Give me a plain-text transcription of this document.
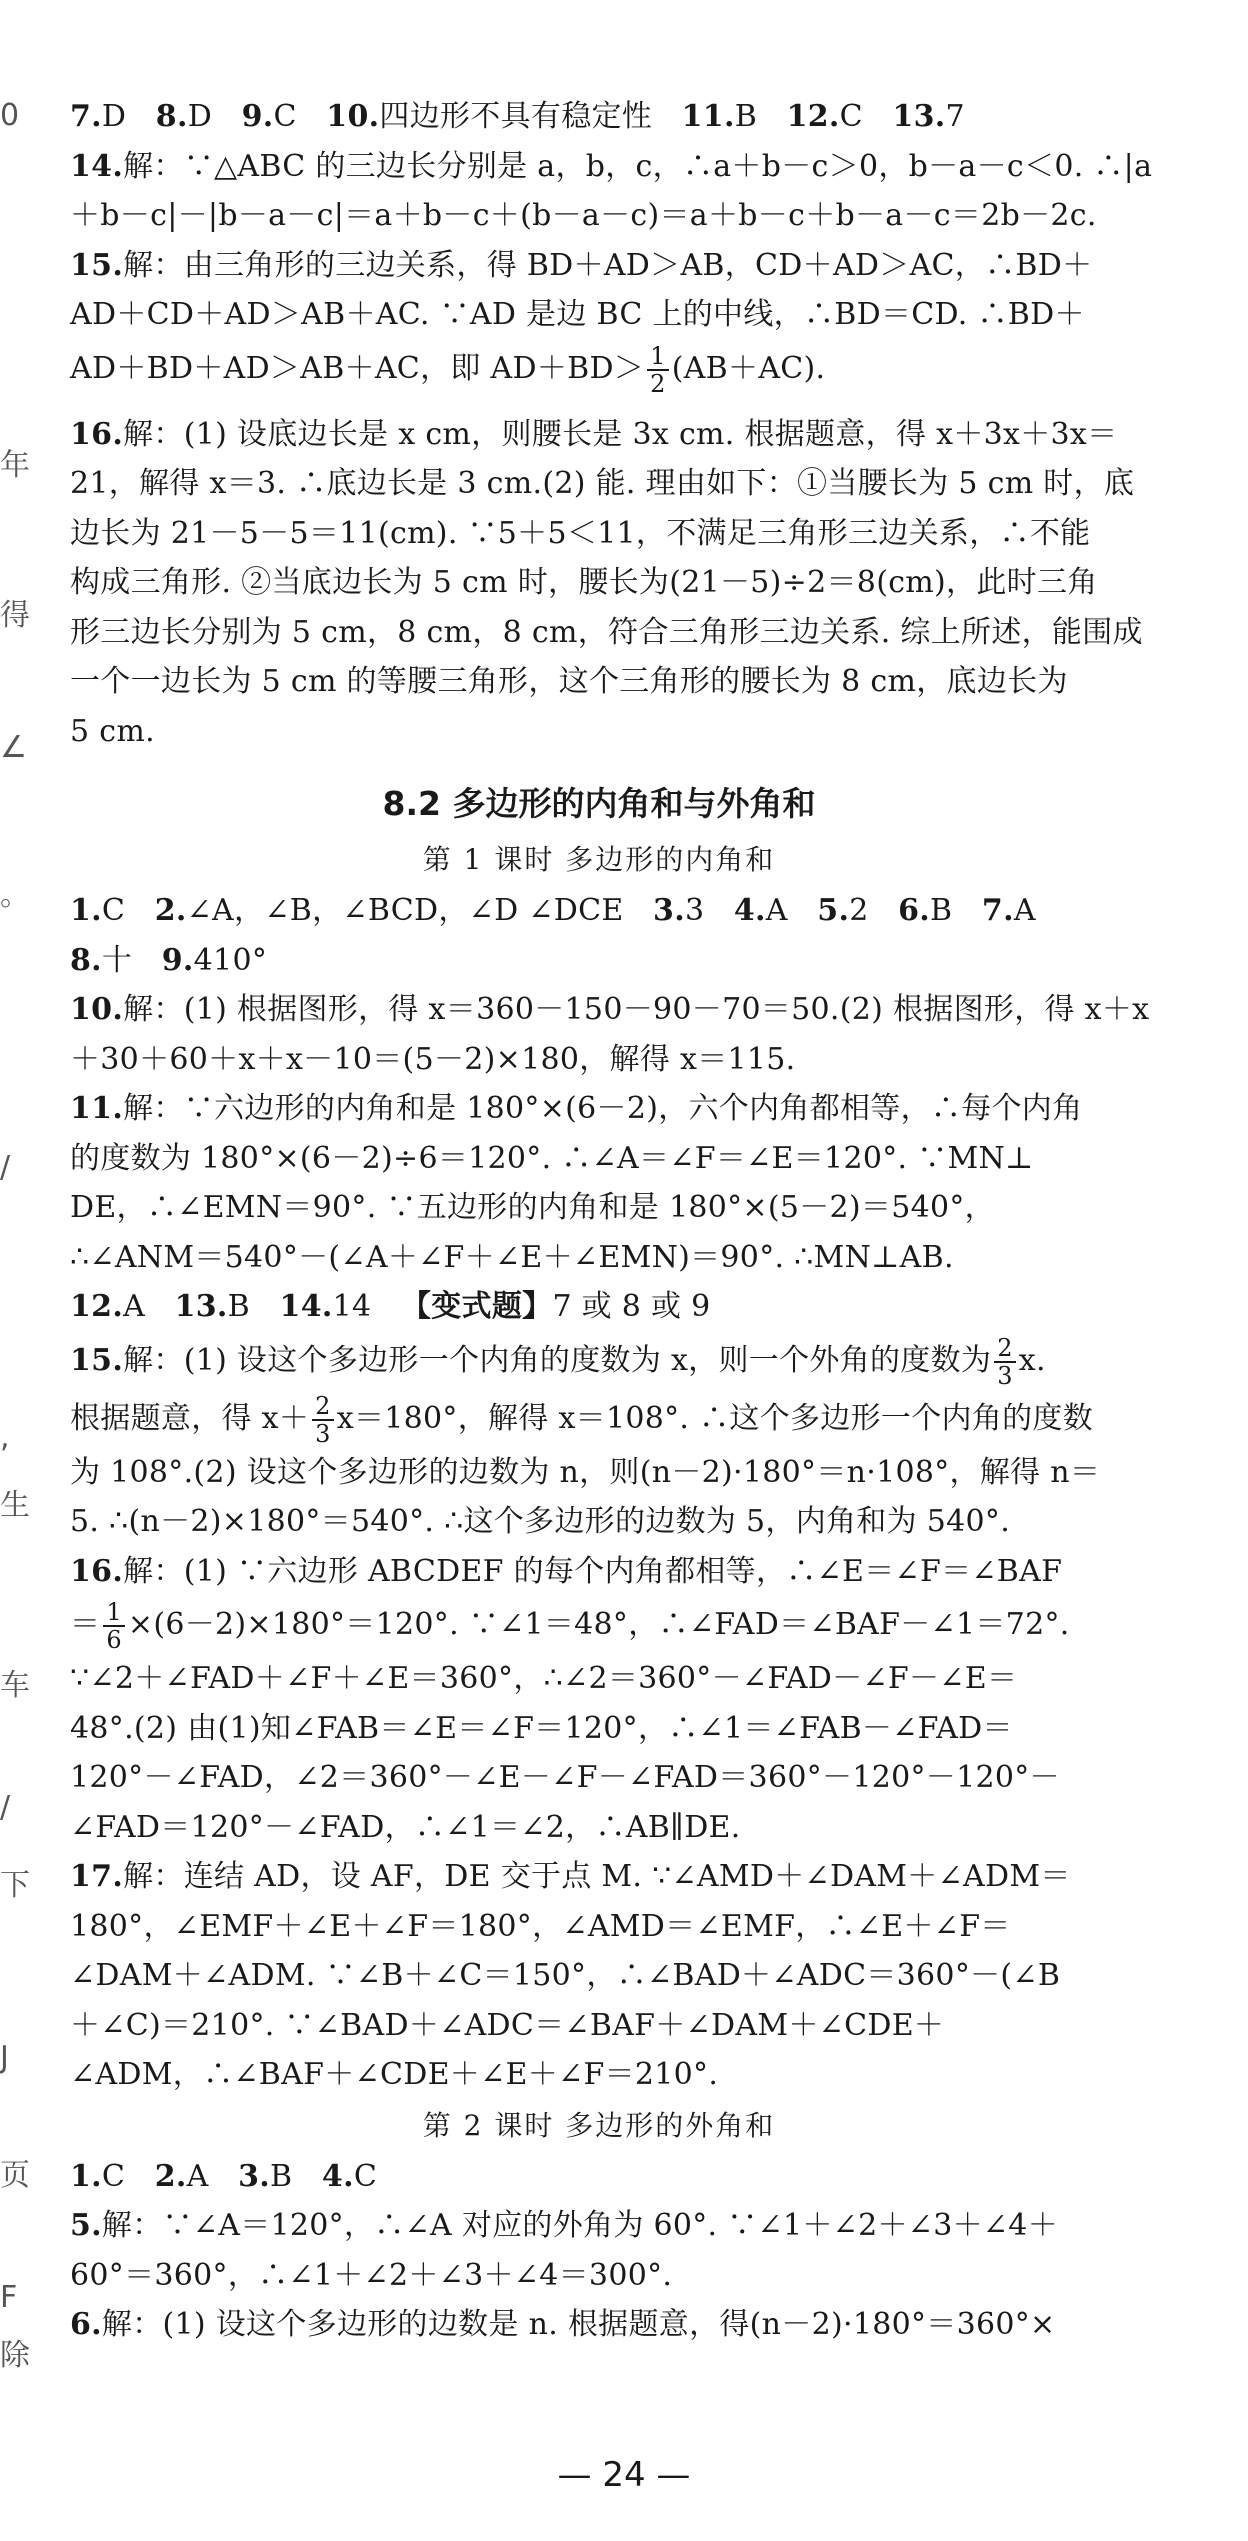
0
年
得
∠
。
/
,
生
车
/
下
J
页
F
除
7.D 8.D 9.C 10.四边形不具有稳定性 11.B 12.C 13.7
14.解：∵△ABC 的三边长分别是 a，b，c，∴a＋b－c＞0，b－a－c＜0. ∴|a
＋b－c|－|b－a－c|＝a＋b－c＋(b－a－c)＝a＋b－c＋b－a－c＝2b－2c.
15.解：由三角形的三边关系，得 BD＋AD＞AB，CD＋AD＞AC，∴BD＋
AD＋CD＋AD＞AB＋AC. ∵AD 是边 BC 上的中线，∴BD＝CD. ∴BD＋
AD＋BD＋AD＞AB＋AC，即 $AD+BD> \frac{1}{2} (AB+AC)$.
16.解：(1) 设底边长是 x cm，则腰长是 3x cm. 根据题意，得 x＋3x＋3x＝
21，解得 x＝3. ∴底边长是 3 cm.(2) 能. 理由如下：①当腰长为 5 cm 时，底
边长为 21－5－5＝11(cm). ∵5＋5＜11，不满足三角形三边关系，∴不能
构成三角形. ②当底边长为 5 cm 时，腰长为(21－5)÷2＝8(cm)，此时三角
形三边长分别为 5 cm，8 cm，8 cm，符合三角形三边关系. 综上所述，能围成
一个一边长为 5 cm 的等腰三角形，这个三角形的腰长为 8 cm，底边长为
5 cm.
8.2 多边形的内角和与外角和
第 1 课时 多边形的内角和
1.C 2.∠A，∠B，∠BCD，∠D ∠DCE 3.3 4.A 5.2 6.B 7.A
8.十 9.410°
10.解：(1) 根据图形，得 x＝360－150－90－70＝50.(2) 根据图形，得 x＋x
＋30＋60＋x＋x－10＝(5－2)×180，解得 x＝115.
11.解：∵六边形的内角和是 180°×(6－2)，六个内角都相等，∴每个内角
的度数为 180°×(6－2)÷6＝120°. ∴∠A＝∠F＝∠E＝120°. ∵MN⊥
DE，∴∠EMN＝90°. ∵五边形的内角和是 180°×(5－2)＝540°，
∴∠ANM＝540°－(∠A＋∠F＋∠E＋∠EMN)＝90°. ∴MN⊥AB.
12.A 13.B 14.14 【变式题】7 或 8 或 9
15.解：(1) 设这个多边形一个内角的度数为 x，则一个外角的度数为 $\frac{2}{3} x$.
根据题意，得 $x+ \frac{2}{3} x=180^\circ$，解得 x＝108°. ∴这个多边形一个内角的度数
为 108°.(2) 设这个多边形的边数为 n，则(n－2)·180°＝n·108°，解得 n＝
5. ∴(n－2)×180°＝540°. ∴这个多边形的边数为 5，内角和为 540°.
16.解：(1) ∵六边形 ABCDEF 的每个内角都相等，∴∠E＝∠F＝∠BAF
＝ $\frac{1}{6} \times(6-2)\times 180^\circ=120^\circ$. ∵∠1＝48°，∴∠FAD＝∠BAF－∠1＝72°.
∵∠2＋∠FAD＋∠F＋∠E＝360°，∴∠2＝360°－∠FAD－∠F－∠E＝
48°.(2) 由(1)知∠FAB＝∠E＝∠F＝120°，∴∠1＝∠FAB－∠FAD＝
120°－∠FAD，∠2＝360°－∠E－∠F－∠FAD＝360°－120°－120°－
∠FAD＝120°－∠FAD，∴∠1＝∠2，∴AB∥DE.
17.解：连结 AD，设 AF，DE 交于点 M. ∵∠AMD＋∠DAM＋∠ADM＝
180°，∠EMF＋∠E＋∠F＝180°，∠AMD＝∠EMF，∴∠E＋∠F＝
∠DAM＋∠ADM. ∵∠B＋∠C＝150°，∴∠BAD＋∠ADC＝360°－(∠B
＋∠C)＝210°. ∵∠BAD＋∠ADC＝∠BAF＋∠DAM＋∠CDE＋
∠ADM，∴∠BAF＋∠CDE＋∠E＋∠F＝210°.
第 2 课时 多边形的外角和
1.C 2.A 3.B 4.C
5.解：∵∠A＝120°，∴∠A 对应的外角为 60°. ∵∠1＋∠2＋∠3＋∠4＋
60°＝360°，∴∠1＋∠2＋∠3＋∠4＝300°.
6.解：(1) 设这个多边形的边数是 n. 根据题意，得(n－2)·180°＝360°×
— 24 —
